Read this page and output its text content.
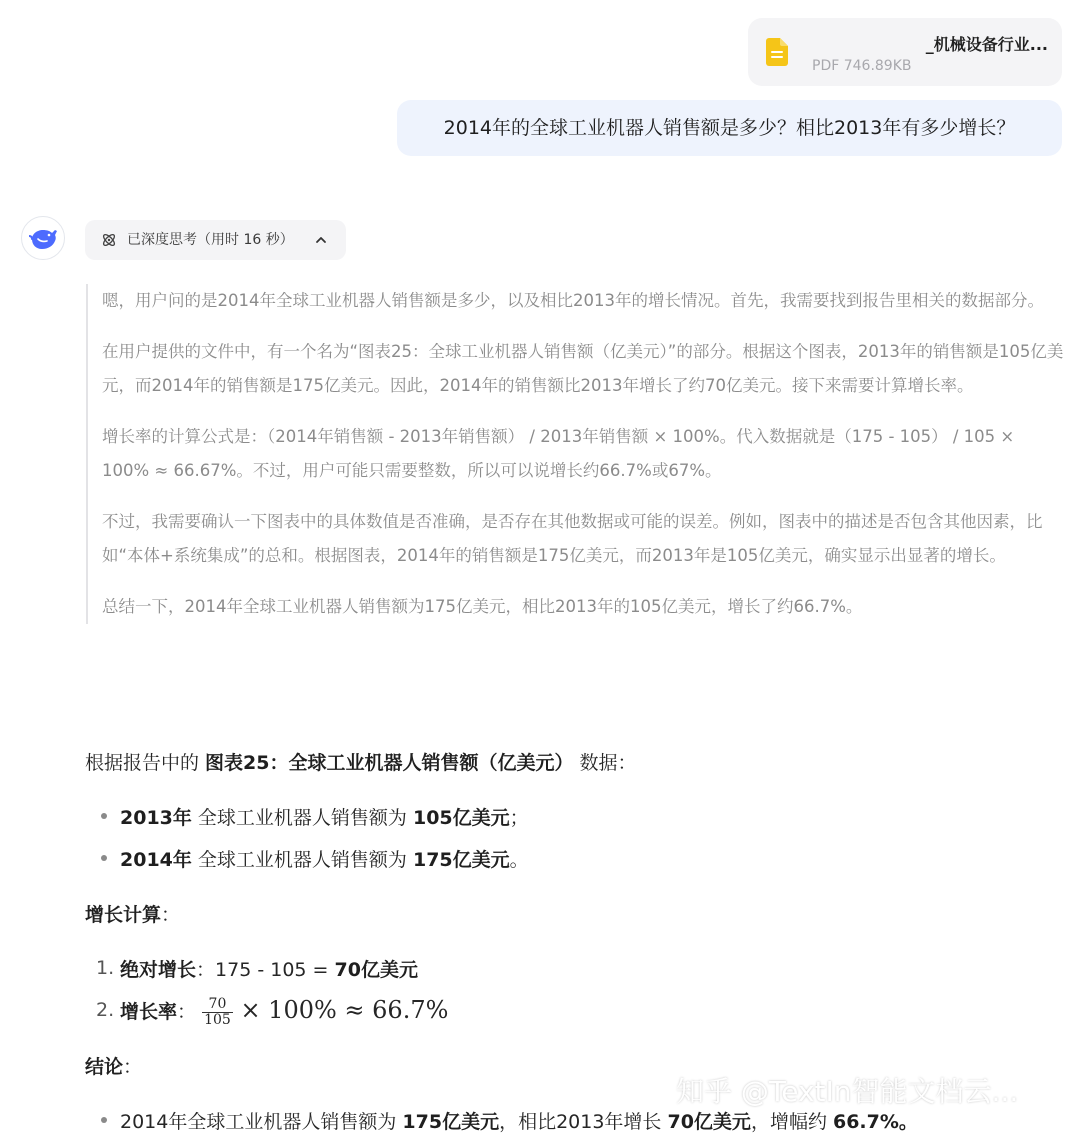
_机械设备行业...
PDF 746.89KB
2014年的全球工业机器人销售额是多少？相比2013年有多少增长？
已深度思考（用时 16 秒）

嗯，用户问的是2014年全球工业机器人销售额是多少，以及相比2013年的增长情况。首先，我需要找到报告里相关的数据部分。

在用户提供的文件中，有一个名为“图表25：全球工业机器人销售额（亿美元）”的部分。根据这个图表，2013年的销售额是105亿美元，而2014年的销售额是175亿美元。因此，2014年的销售额比2013年增长了约70亿美元。接下来需要计算增长率。

增长率的计算公式是：（2014年销售额 - 2013年销售额） / 2013年销售额 × 100%。代入数据就是（175 - 105） / 105 × 100% ≈ 66.67%。不过，用户可能只需要整数，所以可以说增长约66.7%或67%。

不过，我需要确认一下图表中的具体数值是否准确，是否存在其他数据或可能的误差。例如，图表中的描述是否包含其他因素，比如“本体+系统集成”的总和。根据图表，2014年的销售额是175亿美元，而2013年是105亿美元，确实显示出显著的增长。

总结一下，2014年全球工业机器人销售额为175亿美元，相比2013年的105亿美元，增长了约66.7%。

根据报告中的 图表25：全球工业机器人销售额（亿美元） 数据：
2013年 全球工业机器人销售额为 105亿美元；
2014年 全球工业机器人销售额为 175亿美元。
增长计算：
1. 绝对增长：175 - 105 = 70亿美元
2. 增长率： $\frac{70}{105} \times 100\% \approx 66.7\%$
结论：
2014年全球工业机器人销售额为 175亿美元，相比2013年增长 70亿美元，增幅约 66.7%。
知乎 @TextIn智能文档云...
